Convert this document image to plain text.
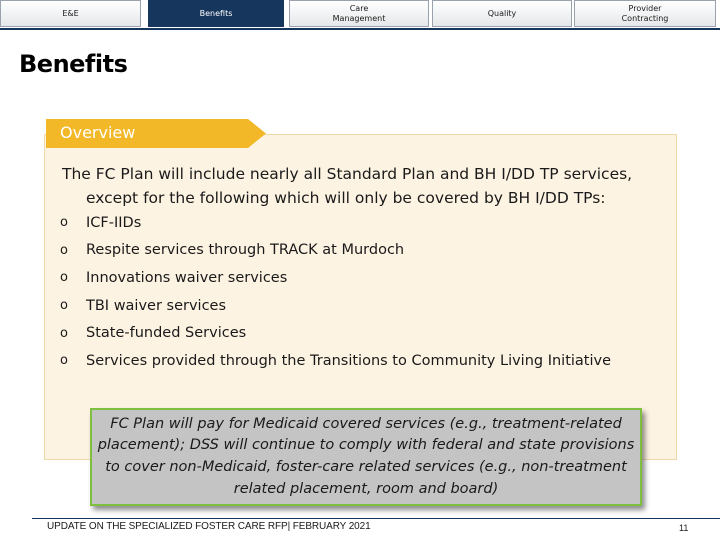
E&E	Benefits
Care
Management
Quality
Provider
Contracting
Benefits
Overview
The FC Plan will include nearly all Standard Plan and BH I/DD TP services,
except for the following which will only be covered by BH I/DD TPs:
o	ICF-IIDs
o	Respite services through TRACK at Murdoch
o	Innovations waiver services
o	TBI waiver services
o	State-funded Services
o	Services provided through the Transitions to Community Living Initiative
FC Plan will pay for Medicaid covered services (e.g., treatment-related
placement); DSS will continue to comply with federal and state provisions
to cover non-Medicaid, foster-care related services (e.g., non-treatment
related placement, room and board)
UPDATE ON THE SPECIALIZED FOSTER CARE RFP| FEBRUARY 2021	11
